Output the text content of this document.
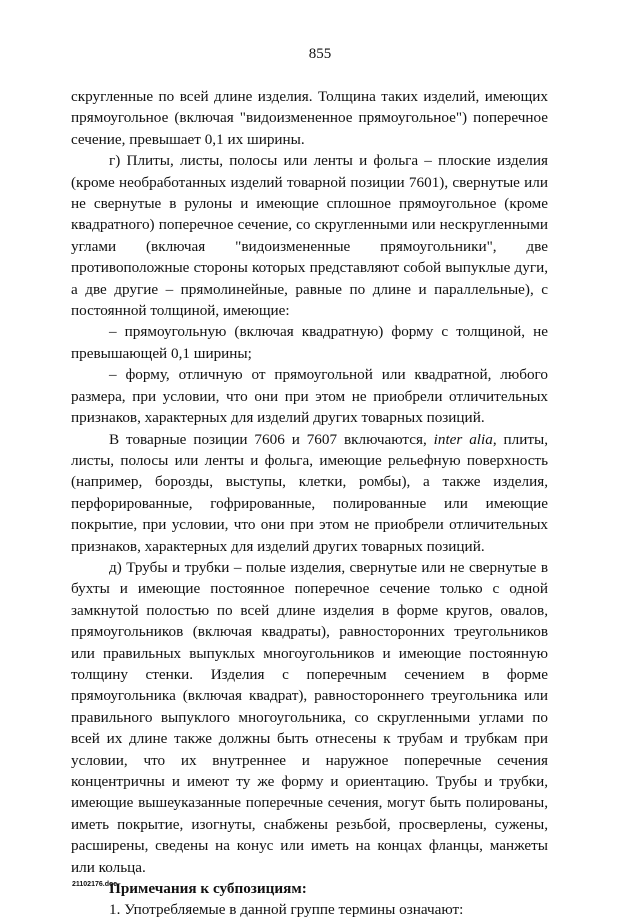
855

скругленные по всей длине изделия. Толщина таких изделий, имеющих прямоугольное (включая "видоизмененное прямоугольное") поперечное сечение, превышает 0,1 их ширины.

г) Плиты, листы, полосы или ленты и фольга – плоские изделия (кроме необработанных изделий товарной позиции 7601), свернутые или не свернутые в рулоны и имеющие сплошное прямоугольное (кроме квадратного) поперечное сечение, со скругленными или нескругленными углами (включая "видоизмененные прямоугольники", две противоположные стороны которых представляют собой выпуклые дуги, а две другие – прямолинейные, равные по длине и параллельные), с постоянной толщиной, имеющие:

– прямоугольную (включая квадратную) форму с толщиной, не превышающей 0,1 ширины;

– форму, отличную от прямоугольной или квадратной, любого размера, при условии, что они при этом не приобрели отличительных признаков, характерных для изделий других товарных позиций.

В товарные позиции 7606 и 7607 включаются, inter alia, плиты, листы, полосы или ленты и фольга, имеющие рельефную поверхность (например, борозды, выступы, клетки, ромбы), а также изделия, перфорированные, гофрированные, полированные или имеющие покрытие, при условии, что они при этом не приобрели отличительных признаков, характерных для изделий других товарных позиций.

д) Трубы и трубки – полые изделия, свернутые или не свернутые в бухты и имеющие постоянное поперечное сечение только с одной замкнутой полостью по всей длине изделия в форме кругов, овалов, прямоугольников (включая квадраты), равносторонних треугольников или правильных выпуклых многоугольников и имеющие постоянную толщину стенки. Изделия с поперечным сечением в форме прямоугольника (включая квадрат), равностороннего треугольника или правильного выпуклого многоугольника, со скругленными углами по всей их длине также должны быть отнесены к трубам и трубкам при условии, что их внутреннее и наружное поперечные сечения концентричны и имеют ту же форму и ориентацию. Трубы и трубки, имеющие вышеуказанные поперечные сечения, могут быть полированы, иметь покрытие, изогнуты, снабжены резьбой, просверлены, сужены, расширены, сведены на конус или иметь на концах фланцы, манжеты или кольца.

Примечания к субпозициям:

1. Употребляемые в данной группе термины означают:

21102176.doc
